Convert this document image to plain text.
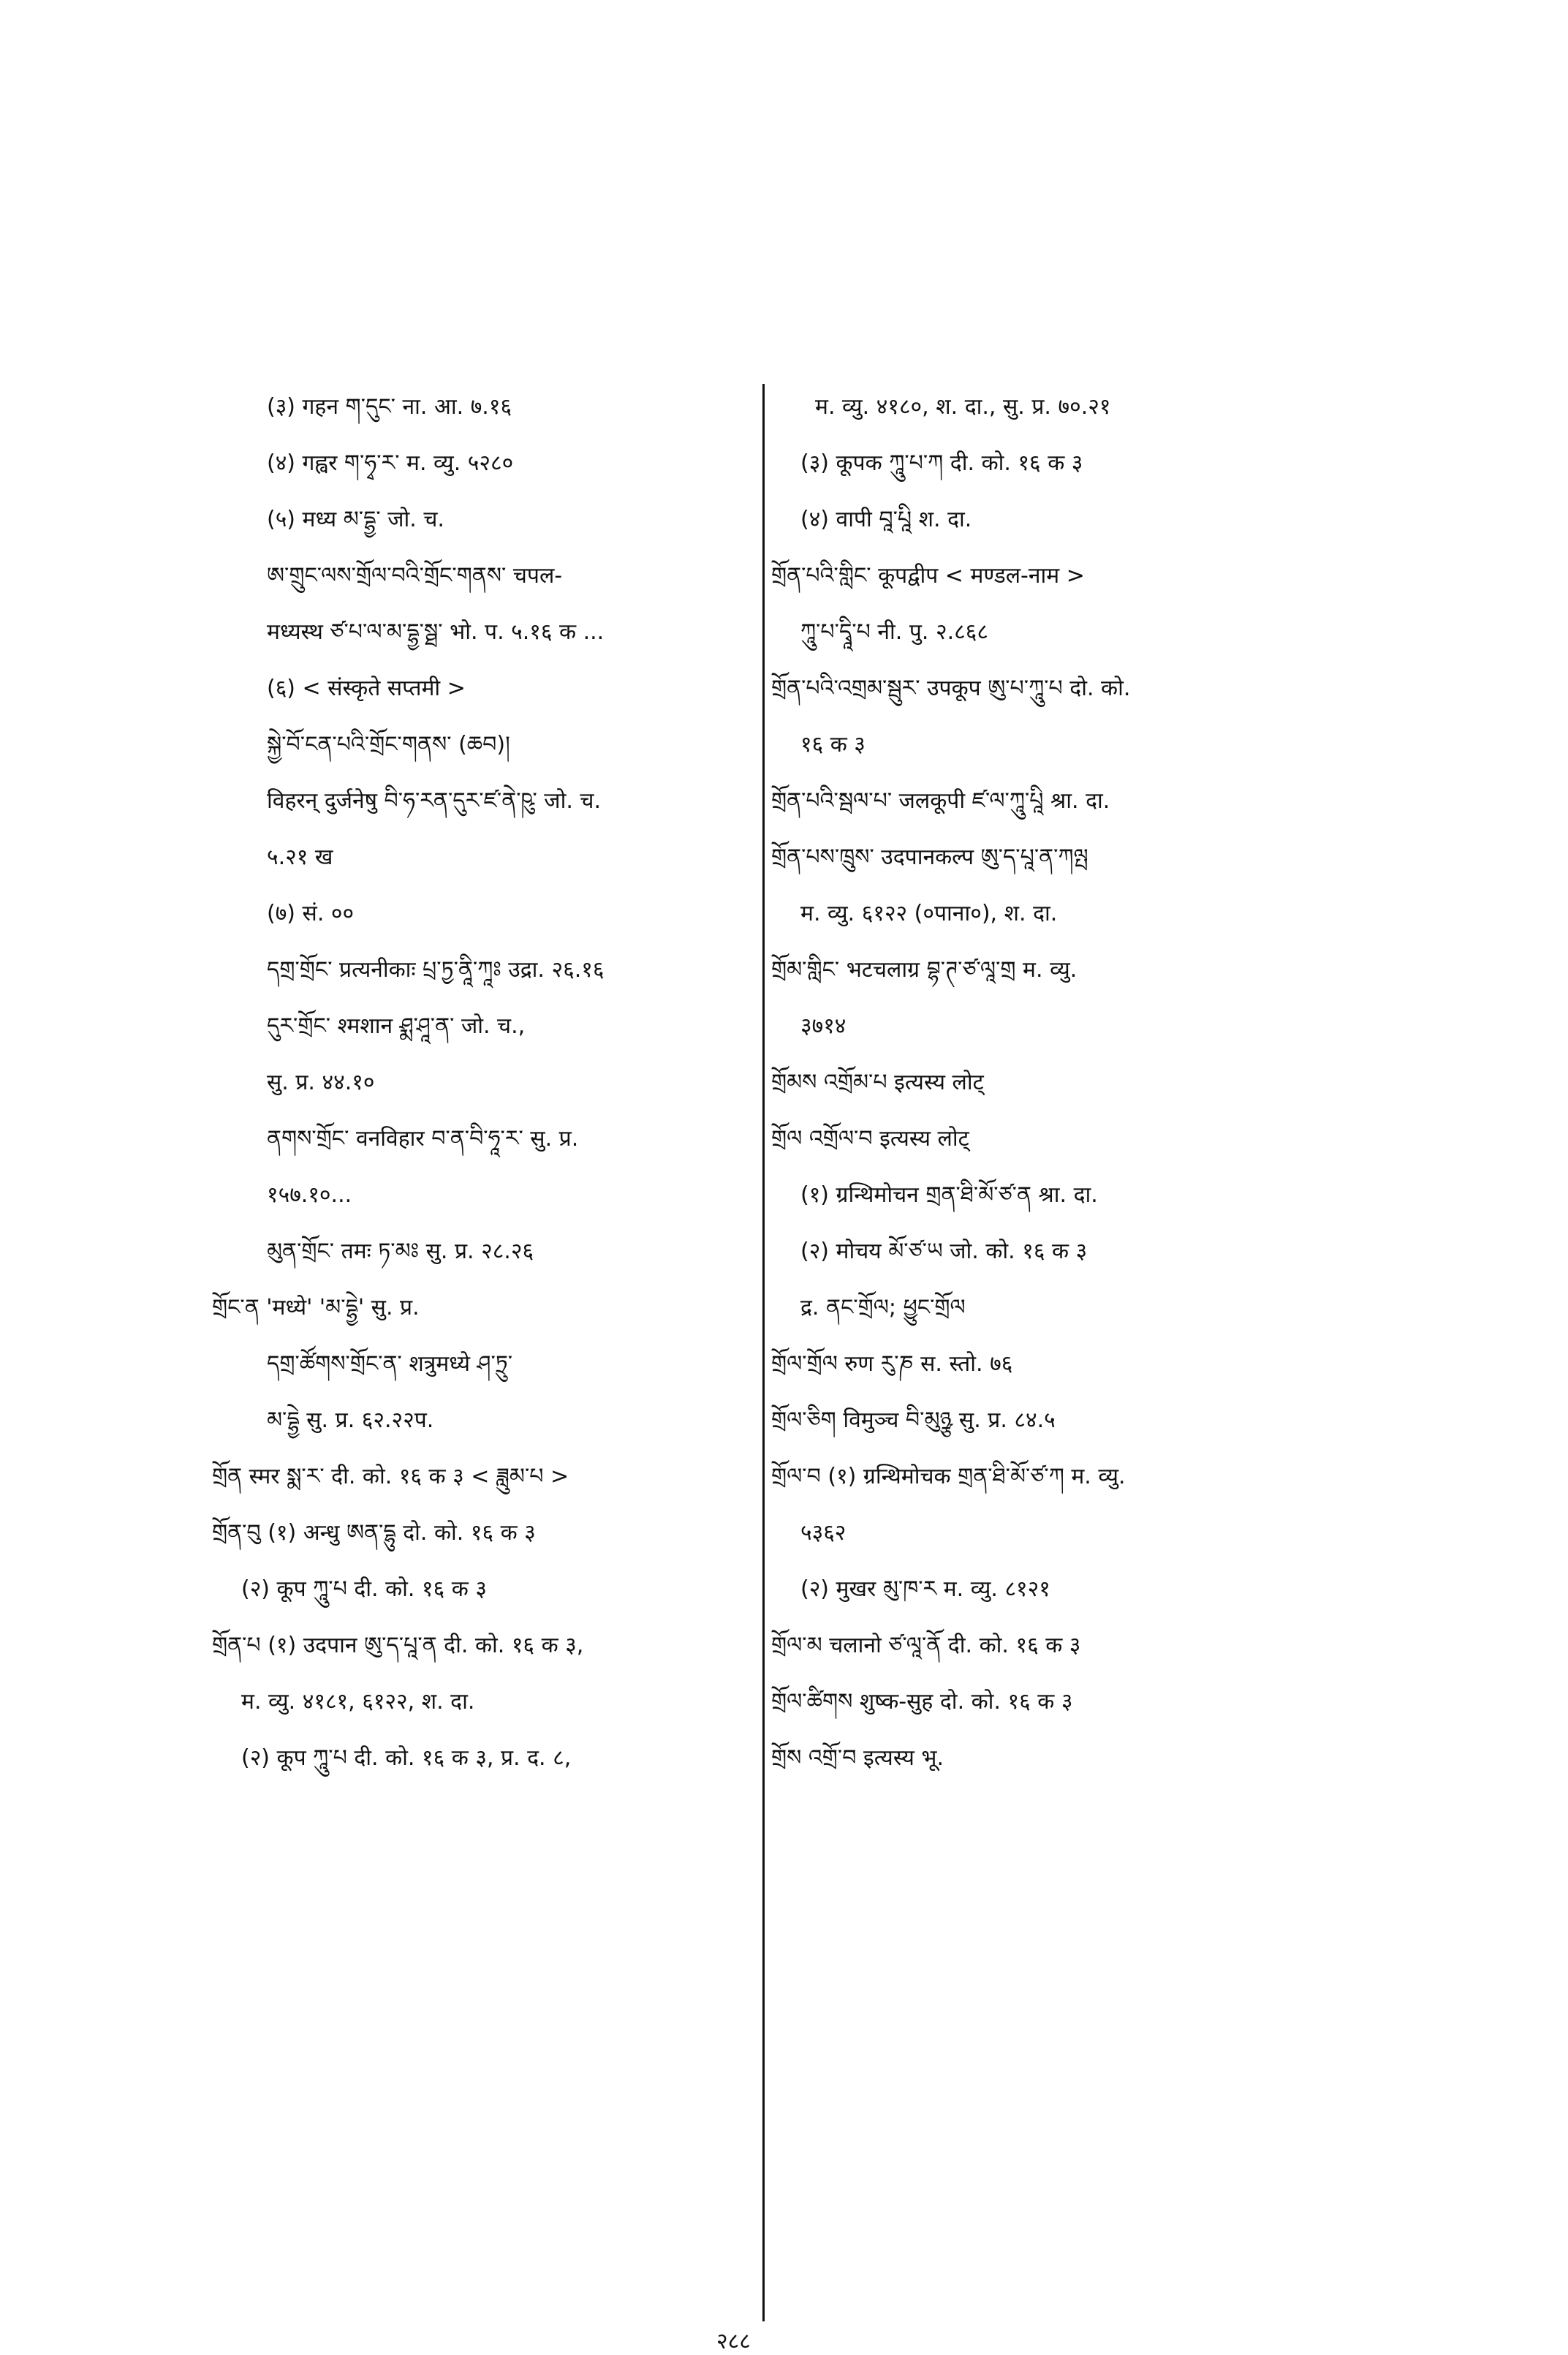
(३) गहन ག་དུང་ ना. आ. ७.१६
(४) गह्वर ག་ཧྭ་ར་ म. व्यु. ५२८०
(५) मध्य མ་དྷྱ་ जो. च.
ཨ་གྲུང་ལས་གྲོལ་བའི་གྲོང་གནས་ चपल-
मध्यस्थ ཙ་པ་ལ་མ་དྷྱ་སྠ་ भो. प. ५.१६ क ...
(६) < संस्कृते सप्तमी >
སྐྱེ་བོ་ངན་པའི་གྲོང་གནས་ (ཆབ)།
विहरन् दुर्जनेषु བི་ཧ་རན་དུར་ཛ་ནེ་ཥུ་ जो. च.
५.२१ ख
(७) सं. ००
དགྲ་གྲོང་ प्रत्यनीकाः པྲ་ཏྱ་ནཱི་ཀཱཿ उद्रा. २६.१६
དུར་གྲོང་ श्मशान ཤྨ་ཤཱ་ན་ जो. च.,
सु. प्र. ४४.१०
ནགས་གྲོང་ वनविहार བ་ན་བི་ཧཱ་ར་ सु. प्र.
१५७.१०...
མུན་གྲོང་ तमः ཏ་མཿ सु. प्र. २८.२६
གྲོང་ན 'मध्ये' 'མ་དྷྱེ' सु. प्र.
དགྲ་ཚོགས་གྲོང་ན་ शत्रुमध्ये ཤ་ཏྲུ་
མ་དྷྱེ सु. प्र. ६२.२२प.
གྲོན स्मर སྨ་ར་ दी. को. १६ क ३ < ཟླུམ་པ >
གྲོན་བུ (१) अन्धु ཨན་དྷུ दो. को. १६ क ३
(२) कूप ཀཱུ་པ दी. को. १६ क ३
གྲོན་པ (१) उदपान ཨུ་ད་པཱ་ན दी. को. १६ क ३,
म. व्यु. ४१८१, ६१२२, श. दा.
(२) कूप ཀཱུ་པ दी. को. १६ क ३, प्र. द. ८,
म. व्यु. ४१८०, श. दा., सु. प्र. ७०.२१
(३) कूपक ཀཱུ་པ་ཀ दी. को. १६ क ३
(४) वापी བཱ་པཱི श. दा.
གྲོན་པའི་གླིང་ कूपद्वीप < मण्डल-नाम >
ཀཱུ་པ་དྭཱི་པ नी. पु. २.८६८
གྲོན་པའི་འགྲམ་སྦུར་ उपकूप ཨུ་པ་ཀཱུ་པ दो. को.
१६ क ३
གྲོན་པའི་སྦལ་པ་ जलकूपी ཛ་ལ་ཀཱུ་པཱི श्रा. दा.
གྲོན་པས་ཁྲུས་ उदपानकल्प ཨུ་ད་པཱ་ན་ཀལྤ
म. व्यु. ६१२२ (०पाना०), श. दा.
གྲོམ་གླིང་ भटचलाग्र བྷ་ཊ་ཙ་ལཱ་གྲ म. व्यु.
३७१४
གྲོམས འགྲོམ་པ इत्यस्य लोट्
གྲོལ འགྲོལ་བ इत्यस्य लोट्
(१) ग्रन्थिमोचन གྲན་ཐི་མོ་ཙ་ན श्रा. दा.
(२) मोचय མོ་ཙ་ཡ जो. को. १६ क ३
द्र. ནང་གྲོལ; ཕྱུང་གྲོལ
གྲོལ་གྲོལ रुण རུ་ཎ स. स्तो. ७६
གྲོལ་ཅིག विमुञ्च བི་མུཉྩ सु. प्र. ८४.५
གྲོལ་བ (१) ग्रन्थिमोचक གྲན་ཐི་མོ་ཙ་ཀ म. व्यु.
५३६२
(२) मुखर མུ་ཁ་ར म. व्यु. ८१२१
གྲོལ་མ चलानो ཙ་ལཱ་ནོ दी. को. १६ क ३
གྲོལ་ཚིགས शुष्क-सुह दो. को. १६ क ३
གྲོས འགྲོ་བ इत्यस्य भू.
२८८
